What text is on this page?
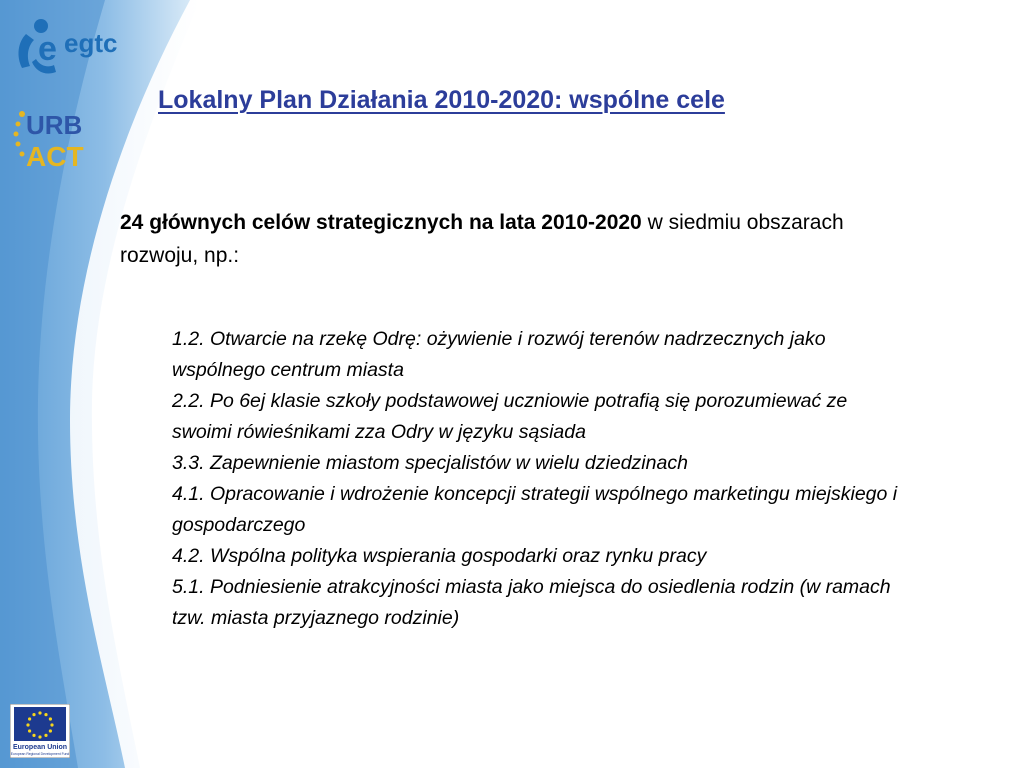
e egtc
URB
ACT
European Union
European Regional Development Fund
Lokalny Plan Działania 2010-2020: wspólne cele

24 głównych celów strategicznych na lata 2010-2020 w siedmiu obszarach rozwoju, np.:

1.2. Otwarcie na rzekę Odrę: ożywienie i rozwój terenów nadrzecznych jako wspólnego centrum miasta
2.2. Po 6ej klasie szkoły podstawowej uczniowie potrafią się porozumiewać ze swoimi rówieśnikami zza Odry w języku sąsiada
3.3. Zapewnienie miastom specjalistów w wielu dziedzinach
4.1. Opracowanie i wdrożenie koncepcji strategii wspólnego marketingu miejskiego i gospodarczego
4.2. Wspólna polityka wspierania gospodarki oraz rynku pracy
5.1. Podniesienie atrakcyjności miasta jako miejsca do osiedlenia rodzin (w ramach tzw. miasta przyjaznego rodzinie)
